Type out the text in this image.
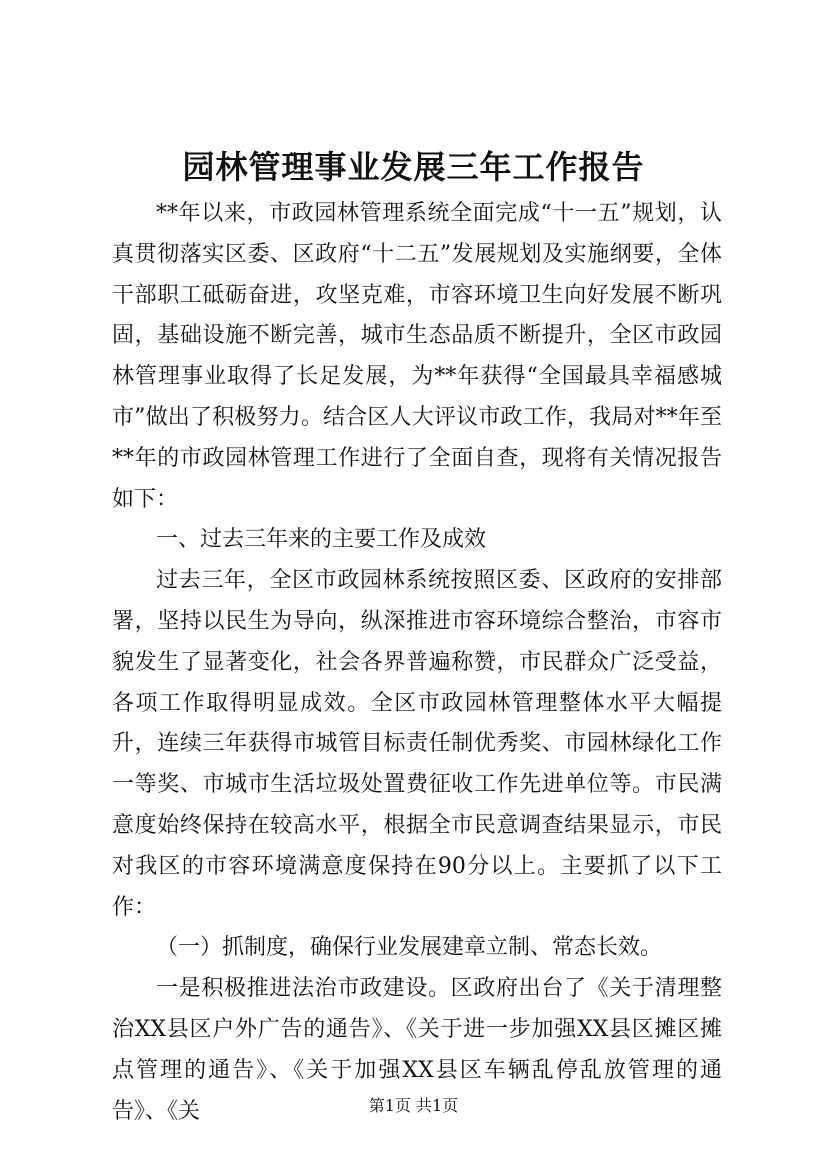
园林管理事业发展三年工作报告

**年以来，市政园林管理系统全面完成“十一五”规划，认真贯彻落实区委、区政府“十二五”发展规划及实施纲要，全体干部职工砥砺奋进，攻坚克难，市容环境卫生向好发展不断巩固，基础设施不断完善，城市生态品质不断提升，全区市政园林管理事业取得了长足发展，为**年获得“全国最具幸福感城市”做出了积极努力。结合区人大评议市政工作，我局对**年至**年的市政园林管理工作进行了全面自查，现将有关情况报告如下：

一、过去三年来的主要工作及成效

过去三年，全区市政园林系统按照区委、区政府的安排部署，坚持以民生为导向，纵深推进市容环境综合整治，市容市貌发生了显著变化，社会各界普遍称赞，市民群众广泛受益，各项工作取得明显成效。全区市政园林管理整体水平大幅提升，连续三年获得市城管目标责任制优秀奖、市园林绿化工作一等奖、市城市生活垃圾处置费征收工作先进单位等。市民满意度始终保持在较高水平，根据全市民意调查结果显示，市民对我区的市容环境满意度保持在90分以上。主要抓了以下工作：

（一）抓制度，确保行业发展建章立制、常态长效。

一是积极推进法治市政建设。区政府出台了《关于清理整治XX县区户外广告的通告》、《关于进一步加强XX县区摊区摊点管理的通告》、《关于加强XX县区车辆乱停乱放管理的通告》、《关	第1页 共1页
